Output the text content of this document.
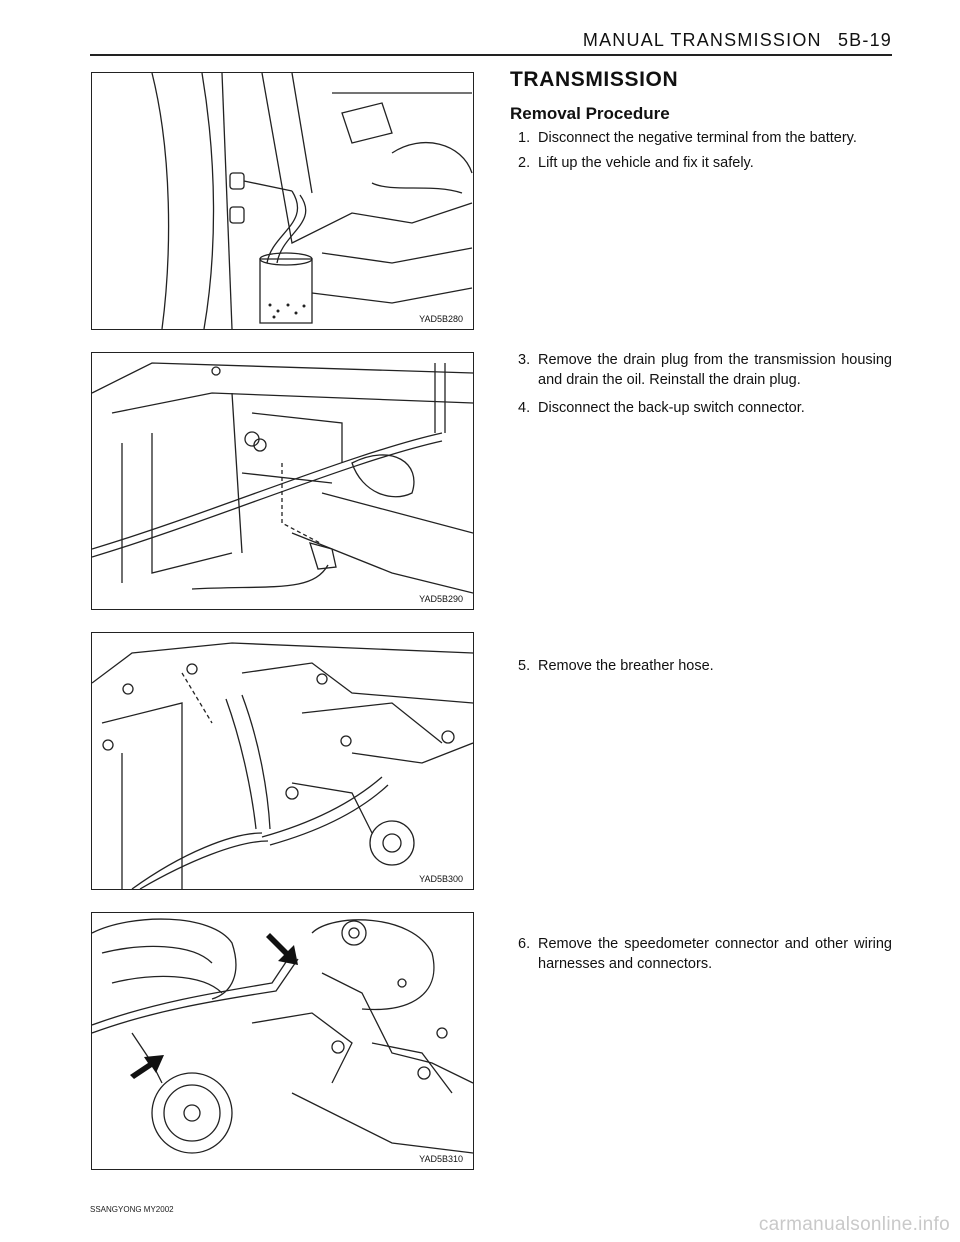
MANUAL TRANSMISSION 5B-19
YAD5B280
YAD5B290
YAD5B300
YAD5B310
TRANSMISSION
Removal Procedure
1. Disconnect the negative terminal from the battery.
2. Lift up the vehicle and fix it safely.
3. Remove the drain plug from the transmission housing and drain the oil. Reinstall the drain plug.
4. Disconnect the back-up switch connector.
5. Remove the breather hose.
6. Remove the speedometer connector and other wiring harnesses and connectors.
SSANGYONG MY2002
carmanualsonline.info
